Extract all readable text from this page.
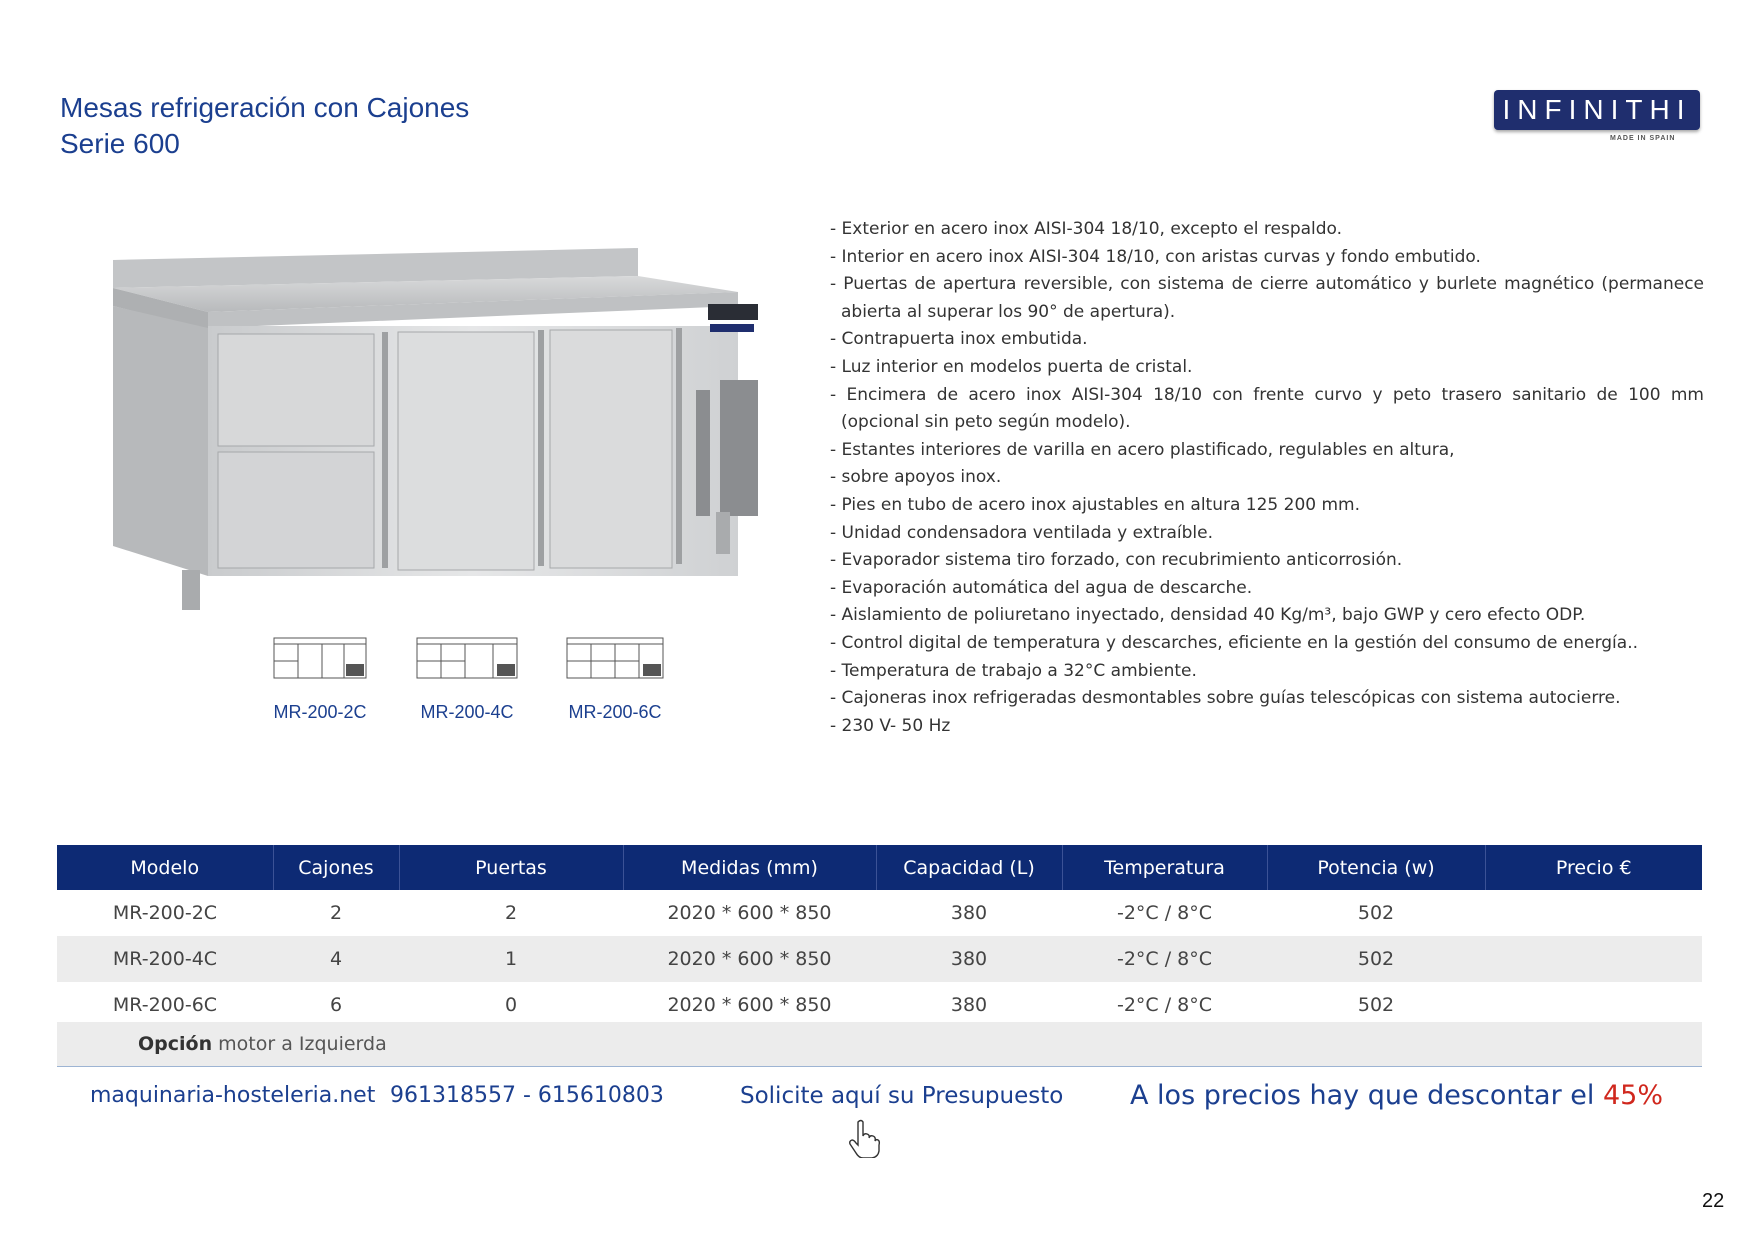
Mesas refrigeración con Cajones
Serie 600
INFINITHI
MADE IN SPAIN
MR-200-2C	MR-200-4C	MR-200-6C
- Exterior en acero inox AISI-304 18/10, excepto el respaldo.
- Interior en acero inox AISI-304 18/10, con aristas curvas y fondo embutido.
- Puertas de apertura reversible, con sistema de cierre automático y burlete magnético (permanece abierta al superar los 90° de apertura).
- Contrapuerta inox embutida.
- Luz interior en modelos puerta de cristal.
- Encimera de acero inox AISI-304 18/10 con frente curvo y peto trasero sanitario de 100 mm (opcional sin peto según modelo).
- Estantes interiores de varilla en acero plastificado, regulables en altura,
- sobre apoyos inox.
- Pies en tubo de acero inox ajustables en altura 125 200 mm.
- Unidad condensadora ventilada y extraíble.
- Evaporador sistema tiro forzado, con recubrimiento anticorrosión.
- Evaporación automática del agua de descarche.
- Aislamiento de poliuretano inyectado, densidad 40 Kg/m³, bajo GWP y cero efecto ODP.
- Control digital de temperatura y descarches, eficiente en la gestión del consumo de energía..
- Temperatura de trabajo a 32°C ambiente.
- Cajoneras inox refrigeradas desmontables sobre guías telescópicas con sistema autocierre.
- 230 V- 50 Hz
Modelo	Cajones	Puertas	Medidas (mm)	Capacidad (L)	Temperatura	Potencia (w)	Precio €
MR-200-2C	2	2	2020 * 600 * 850	380	-2°C / 8°C	502	
MR-200-4C	4	1	2020 * 600 * 850	380	-2°C / 8°C	502	
MR-200-6C	6	0	2020 * 600 * 850	380	-2°C / 8°C	502	
Opción motor a Izquierda
maquinaria-hosteleria.net 961318557 - 615610803	Solicite aquí su Presupuesto A los precios hay que descontar el 45%
22
